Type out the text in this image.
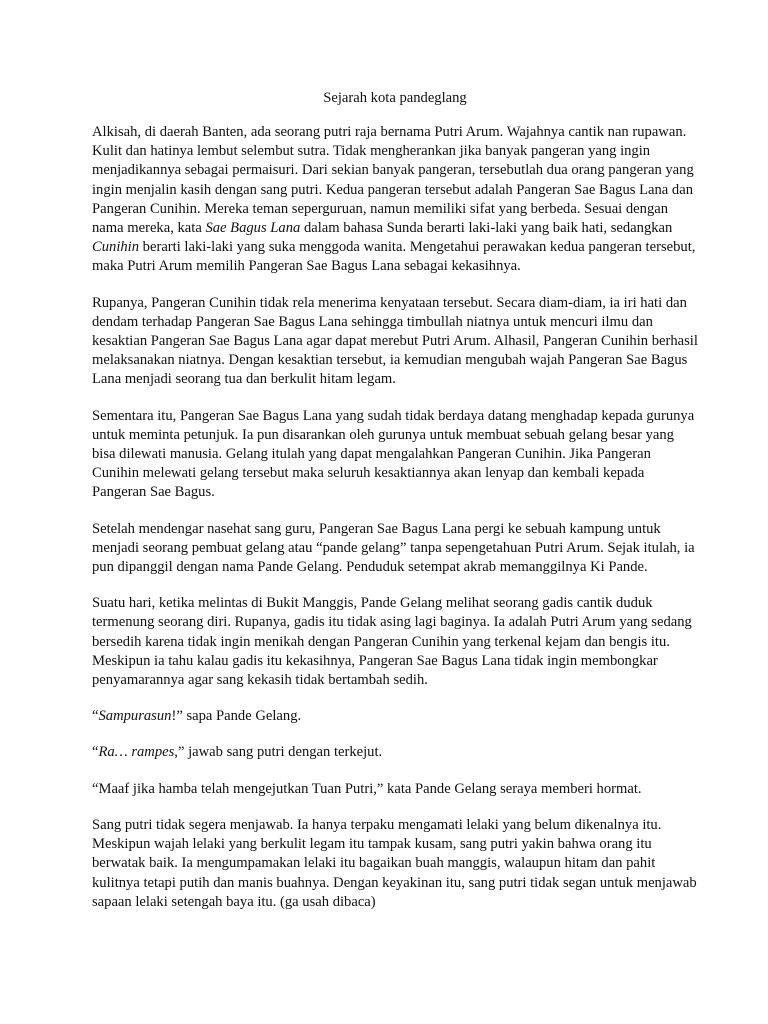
Sejarah kota pandeglang

Alkisah, di daerah Banten, ada seorang putri raja bernama Putri Arum. Wajahnya cantik nan rupawan. Kulit dan hatinya lembut selembut sutra. Tidak mengherankan jika banyak pangeran yang ingin menjadikannya sebagai permaisuri. Dari sekian banyak pangeran, tersebutlah dua orang pangeran yang ingin menjalin kasih dengan sang putri. Kedua pangeran tersebut adalah Pangeran Sae Bagus Lana dan Pangeran Cunihin. Mereka teman seperguruan, namun memiliki sifat yang berbeda. Sesuai dengan nama mereka, kata Sae Bagus Lana dalam bahasa Sunda berarti laki-laki yang baik hati, sedangkan Cunihin berarti laki-laki yang suka menggoda wanita. Mengetahui perawakan kedua pangeran tersebut, maka Putri Arum memilih Pangeran Sae Bagus Lana sebagai kekasihnya.

Rupanya, Pangeran Cunihin tidak rela menerima kenyataan tersebut. Secara diam-diam, ia iri hati dan dendam terhadap Pangeran Sae Bagus Lana sehingga timbullah niatnya untuk mencuri ilmu dan kesaktian Pangeran Sae Bagus Lana agar dapat merebut Putri Arum. Alhasil, Pangeran Cunihin berhasil melaksanakan niatnya. Dengan kesaktian tersebut, ia kemudian mengubah wajah Pangeran Sae Bagus Lana menjadi seorang tua dan berkulit hitam legam.

Sementara itu, Pangeran Sae Bagus Lana yang sudah tidak berdaya datang menghadap kepada gurunya untuk meminta petunjuk. Ia pun disarankan oleh gurunya untuk membuat sebuah gelang besar yang bisa dilewati manusia. Gelang itulah yang dapat mengalahkan Pangeran Cunihin. Jika Pangeran Cunihin melewati gelang tersebut maka seluruh kesaktiannya akan lenyap dan kembali kepada Pangeran Sae Bagus.

Setelah mendengar nasehat sang guru, Pangeran Sae Bagus Lana pergi ke sebuah kampung untuk menjadi seorang pembuat gelang atau “pande gelang” tanpa sepengetahuan Putri Arum. Sejak itulah, ia pun dipanggil dengan nama Pande Gelang. Penduduk setempat akrab memanggilnya Ki Pande.

Suatu hari, ketika melintas di Bukit Manggis, Pande Gelang melihat seorang gadis cantik duduk termenung seorang diri. Rupanya, gadis itu tidak asing lagi baginya. Ia adalah Putri Arum yang sedang bersedih karena tidak ingin menikah dengan Pangeran Cunihin yang terkenal kejam dan bengis itu. Meskipun ia tahu kalau gadis itu kekasihnya, Pangeran Sae Bagus Lana tidak ingin membongkar penyamarannya agar sang kekasih tidak bertambah sedih.

“Sampurasun!” sapa Pande Gelang.

“Ra… rampes,” jawab sang putri dengan terkejut.

“Maaf jika hamba telah mengejutkan Tuan Putri,” kata Pande Gelang seraya memberi hormat.

Sang putri tidak segera menjawab. Ia hanya terpaku mengamati lelaki yang belum dikenalnya itu. Meskipun wajah lelaki yang berkulit legam itu tampak kusam, sang putri yakin bahwa orang itu berwatak baik. Ia mengumpamakan lelaki itu bagaikan buah manggis, walaupun hitam dan pahit kulitnya tetapi putih dan manis buahnya. Dengan keyakinan itu, sang putri tidak segan untuk menjawab sapaan lelaki setengah baya itu. (ga usah dibaca)
